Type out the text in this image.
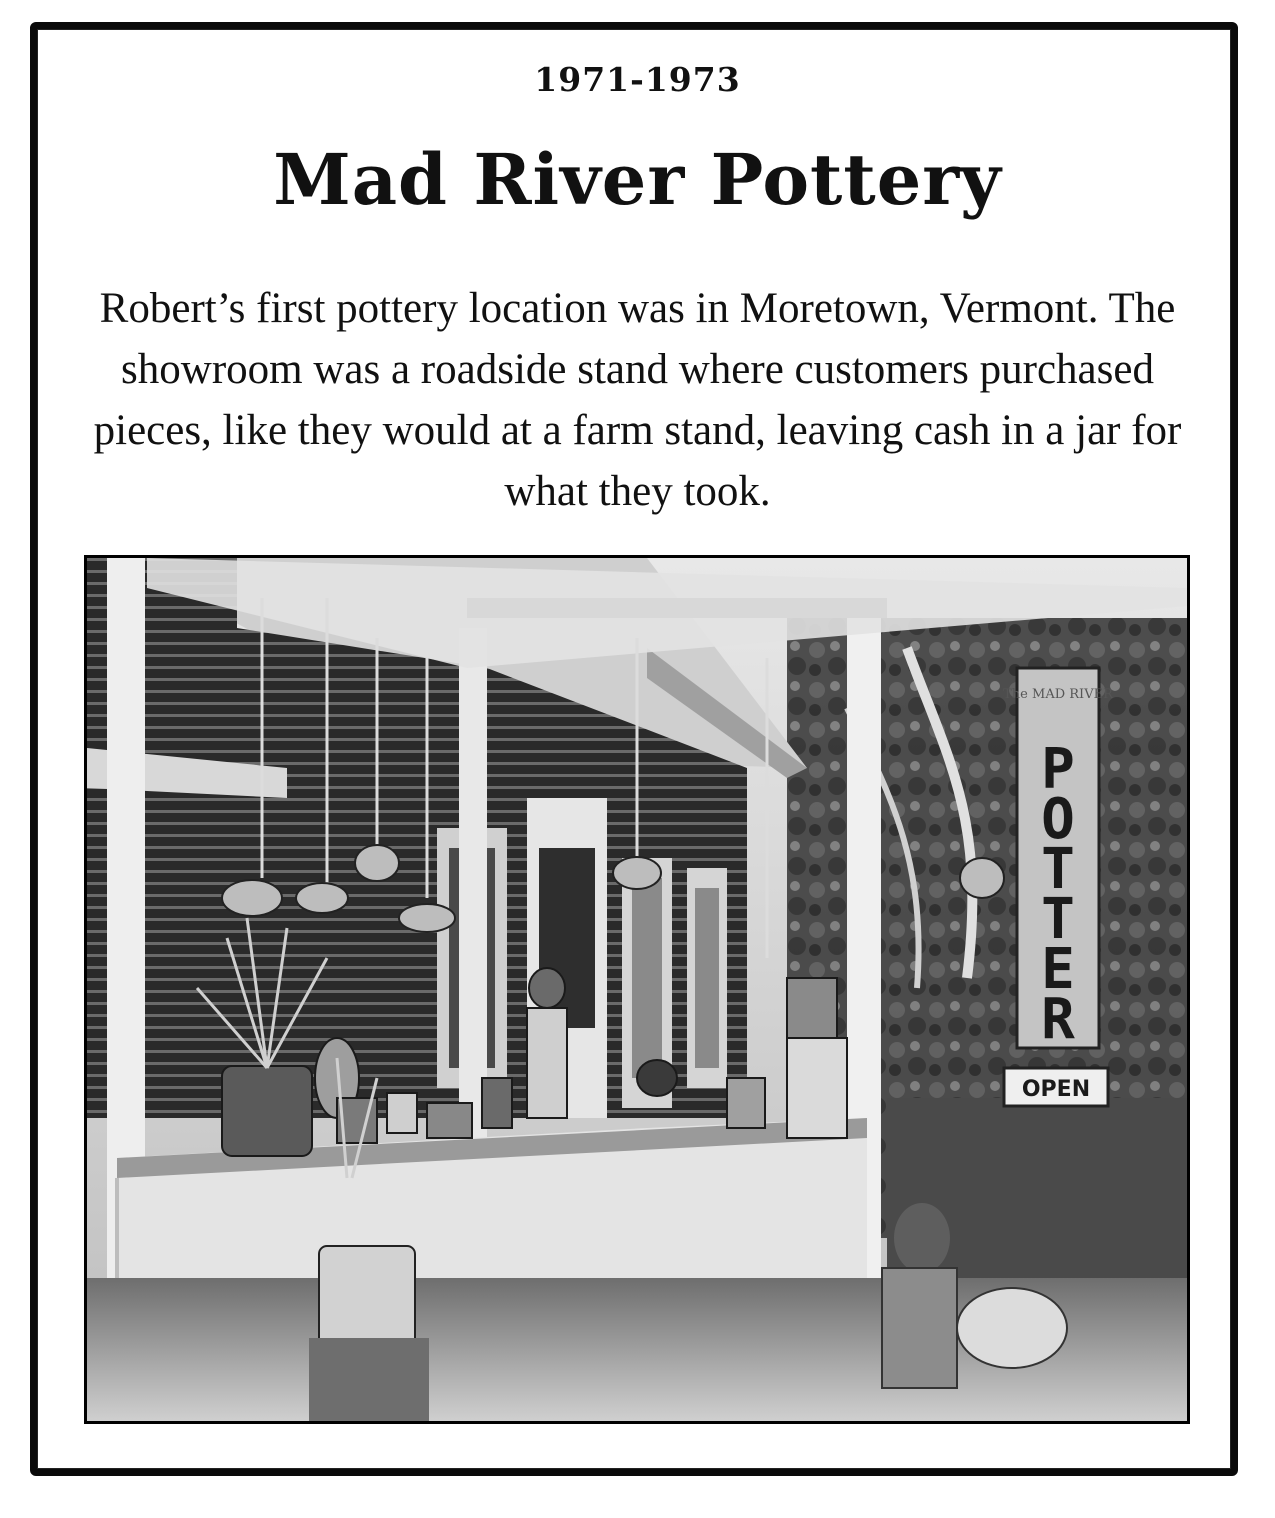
1971-1973
Mad River Pottery
Robert’s first pottery location was in Moretown, Vermont. The showroom was a roadside stand where customers purchased pieces, like they would at a farm stand, leaving cash in a jar for what they took.
The MAD RIVER
P
O
T
T
E
R
OPEN
